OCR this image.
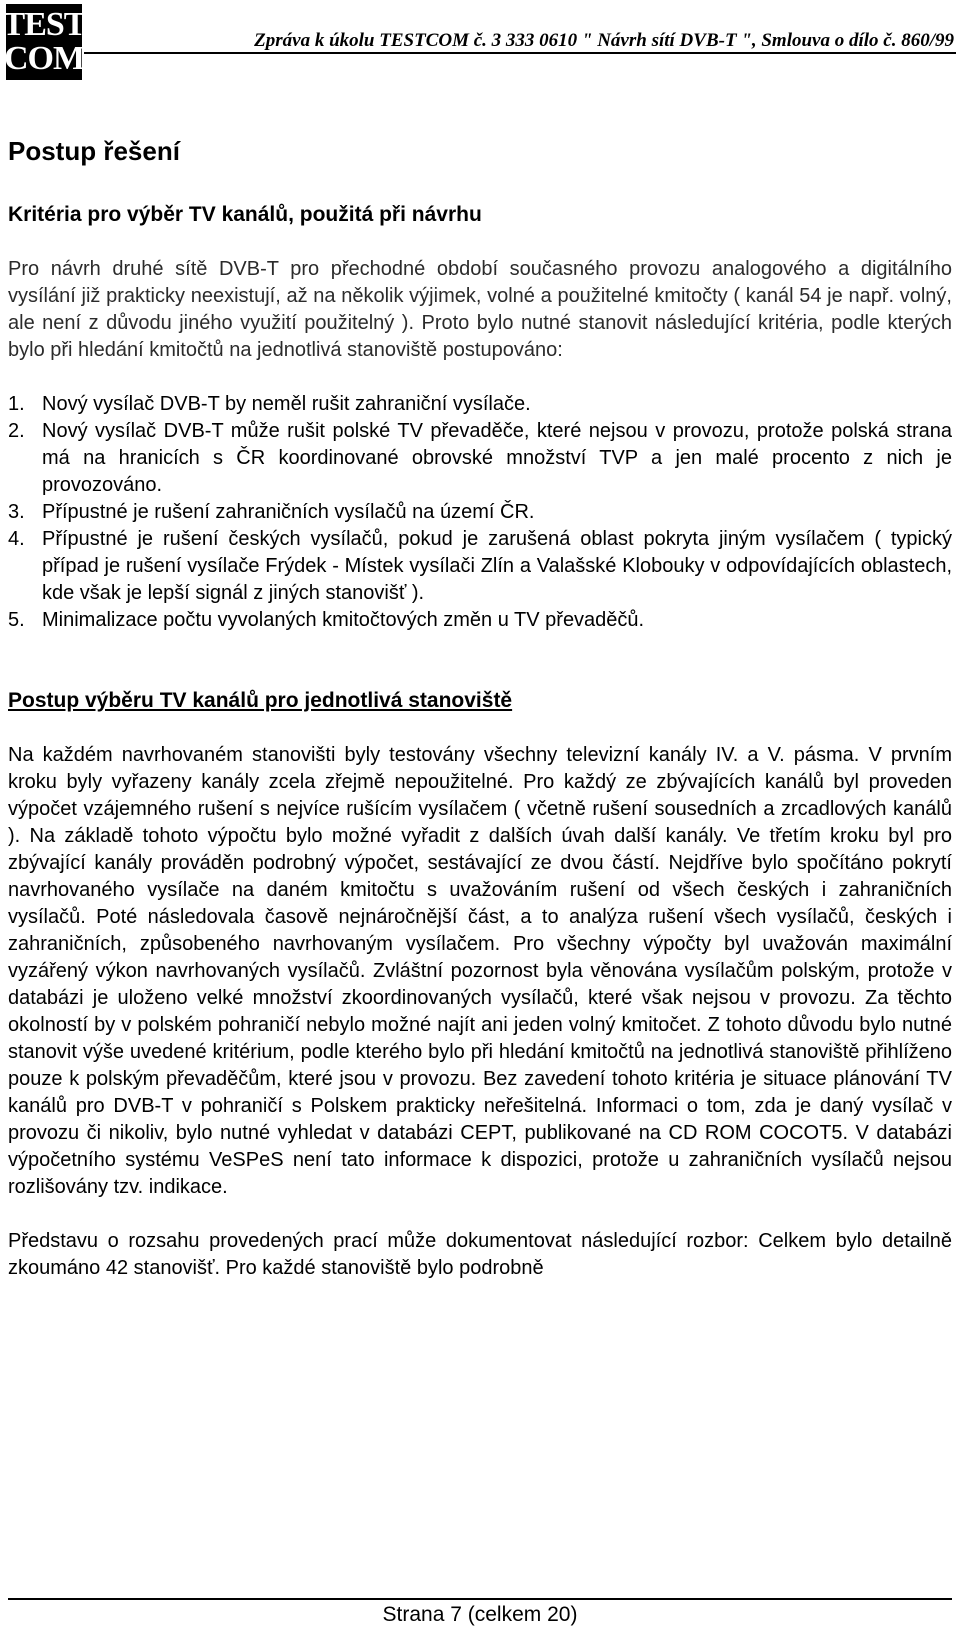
TEST
COM	Zpráva k úkolu TESTCOM č. 3 333 0610 " Návrh sítí DVB-T ", Smlouva o dílo č. 860/99
Postup řešení
Kritéria pro výběr TV kanálů, použitá při návrhu

Pro návrh druhé sítě DVB-T pro přechodné období současného provozu analogového a digitálního vysílání již prakticky neexistují, až na několik výjimek, volné a použitelné kmitočty ( kanál 54 je např. volný, ale není z důvodu jiného využití použitelný ). Proto bylo nutné stanovit následující kritéria, podle kterých bylo při hledání kmitočtů na jednotlivá stanoviště postupováno:

1. Nový vysílač DVB-T by neměl rušit zahraniční vysílače.
2. Nový vysílač DVB-T může rušit polské TV převaděče, které nejsou v provozu, protože polská strana má na hranicích s ČR koordinované obrovské množství TVP a jen malé procento z nich je provozováno.
3. Přípustné je rušení zahraničních vysílačů na území ČR.
4. Přípustné je rušení českých vysílačů, pokud je zarušená oblast pokryta jiným vysílačem ( typický případ je rušení vysílače Frýdek - Místek vysílači Zlín a Valašské Klobouky v odpovídajících oblastech, kde však je lepší signál z jiných stanovišť ).
5. Minimalizace počtu vyvolaných kmitočtových změn u TV převaděčů.
Postup výběru TV kanálů pro jednotlivá stanoviště

Na každém navrhovaném stanovišti byly testovány všechny televizní kanály IV. a V. pásma. V prvním kroku byly vyřazeny kanály zcela zřejmě nepoužitelné. Pro každý ze zbývajících kanálů byl proveden výpočet vzájemného rušení s nejvíce rušícím vysílačem ( včetně rušení sousedních a zrcadlových kanálů ). Na základě tohoto výpočtu bylo možné vyřadit z dalších úvah další kanály. Ve třetím kroku byl pro zbývající kanály prováděn podrobný výpočet, sestávající ze dvou částí. Nejdříve bylo spočítáno pokrytí navrhovaného vysílače na daném kmitočtu s uvažováním rušení od všech českých i zahraničních vysílačů. Poté následovala časově nejnáročnější část, a to analýza rušení všech vysílačů, českých i zahraničních, způsobeného navrhovaným vysílačem. Pro všechny výpočty byl uvažován maximální vyzářený výkon navrhovaných vysílačů. Zvláštní pozornost byla věnována vysílačům polským, protože v databázi je uloženo velké množství zkoordinovaných vysílačů, které však nejsou v provozu. Za těchto okolností by v polském pohraničí nebylo možné najít ani jeden volný kmitočet. Z tohoto důvodu bylo nutné stanovit výše uvedené kritérium, podle kterého bylo při hledání kmitočtů na jednotlivá stanoviště přihlíženo pouze k polským převaděčům, které jsou v provozu. Bez zavedení tohoto kritéria je situace plánování TV kanálů pro DVB-T v pohraničí s Polskem prakticky neřešitelná. Informaci o tom, zda je daný vysílač v provozu či nikoliv, bylo nutné vyhledat v databázi CEPT, publikované na CD ROM COCOT5. V databázi výpočetního systému VeSPeS není tato informace k dispozici, protože u zahraničních vysílačů nejsou rozlišovány tzv. indikace.

Představu o rozsahu provedených prací může dokumentovat následující rozbor: Celkem bylo detailně zkoumáno 42 stanovišť. Pro každé stanoviště bylo podrobně

Strana 7 (celkem 20)
